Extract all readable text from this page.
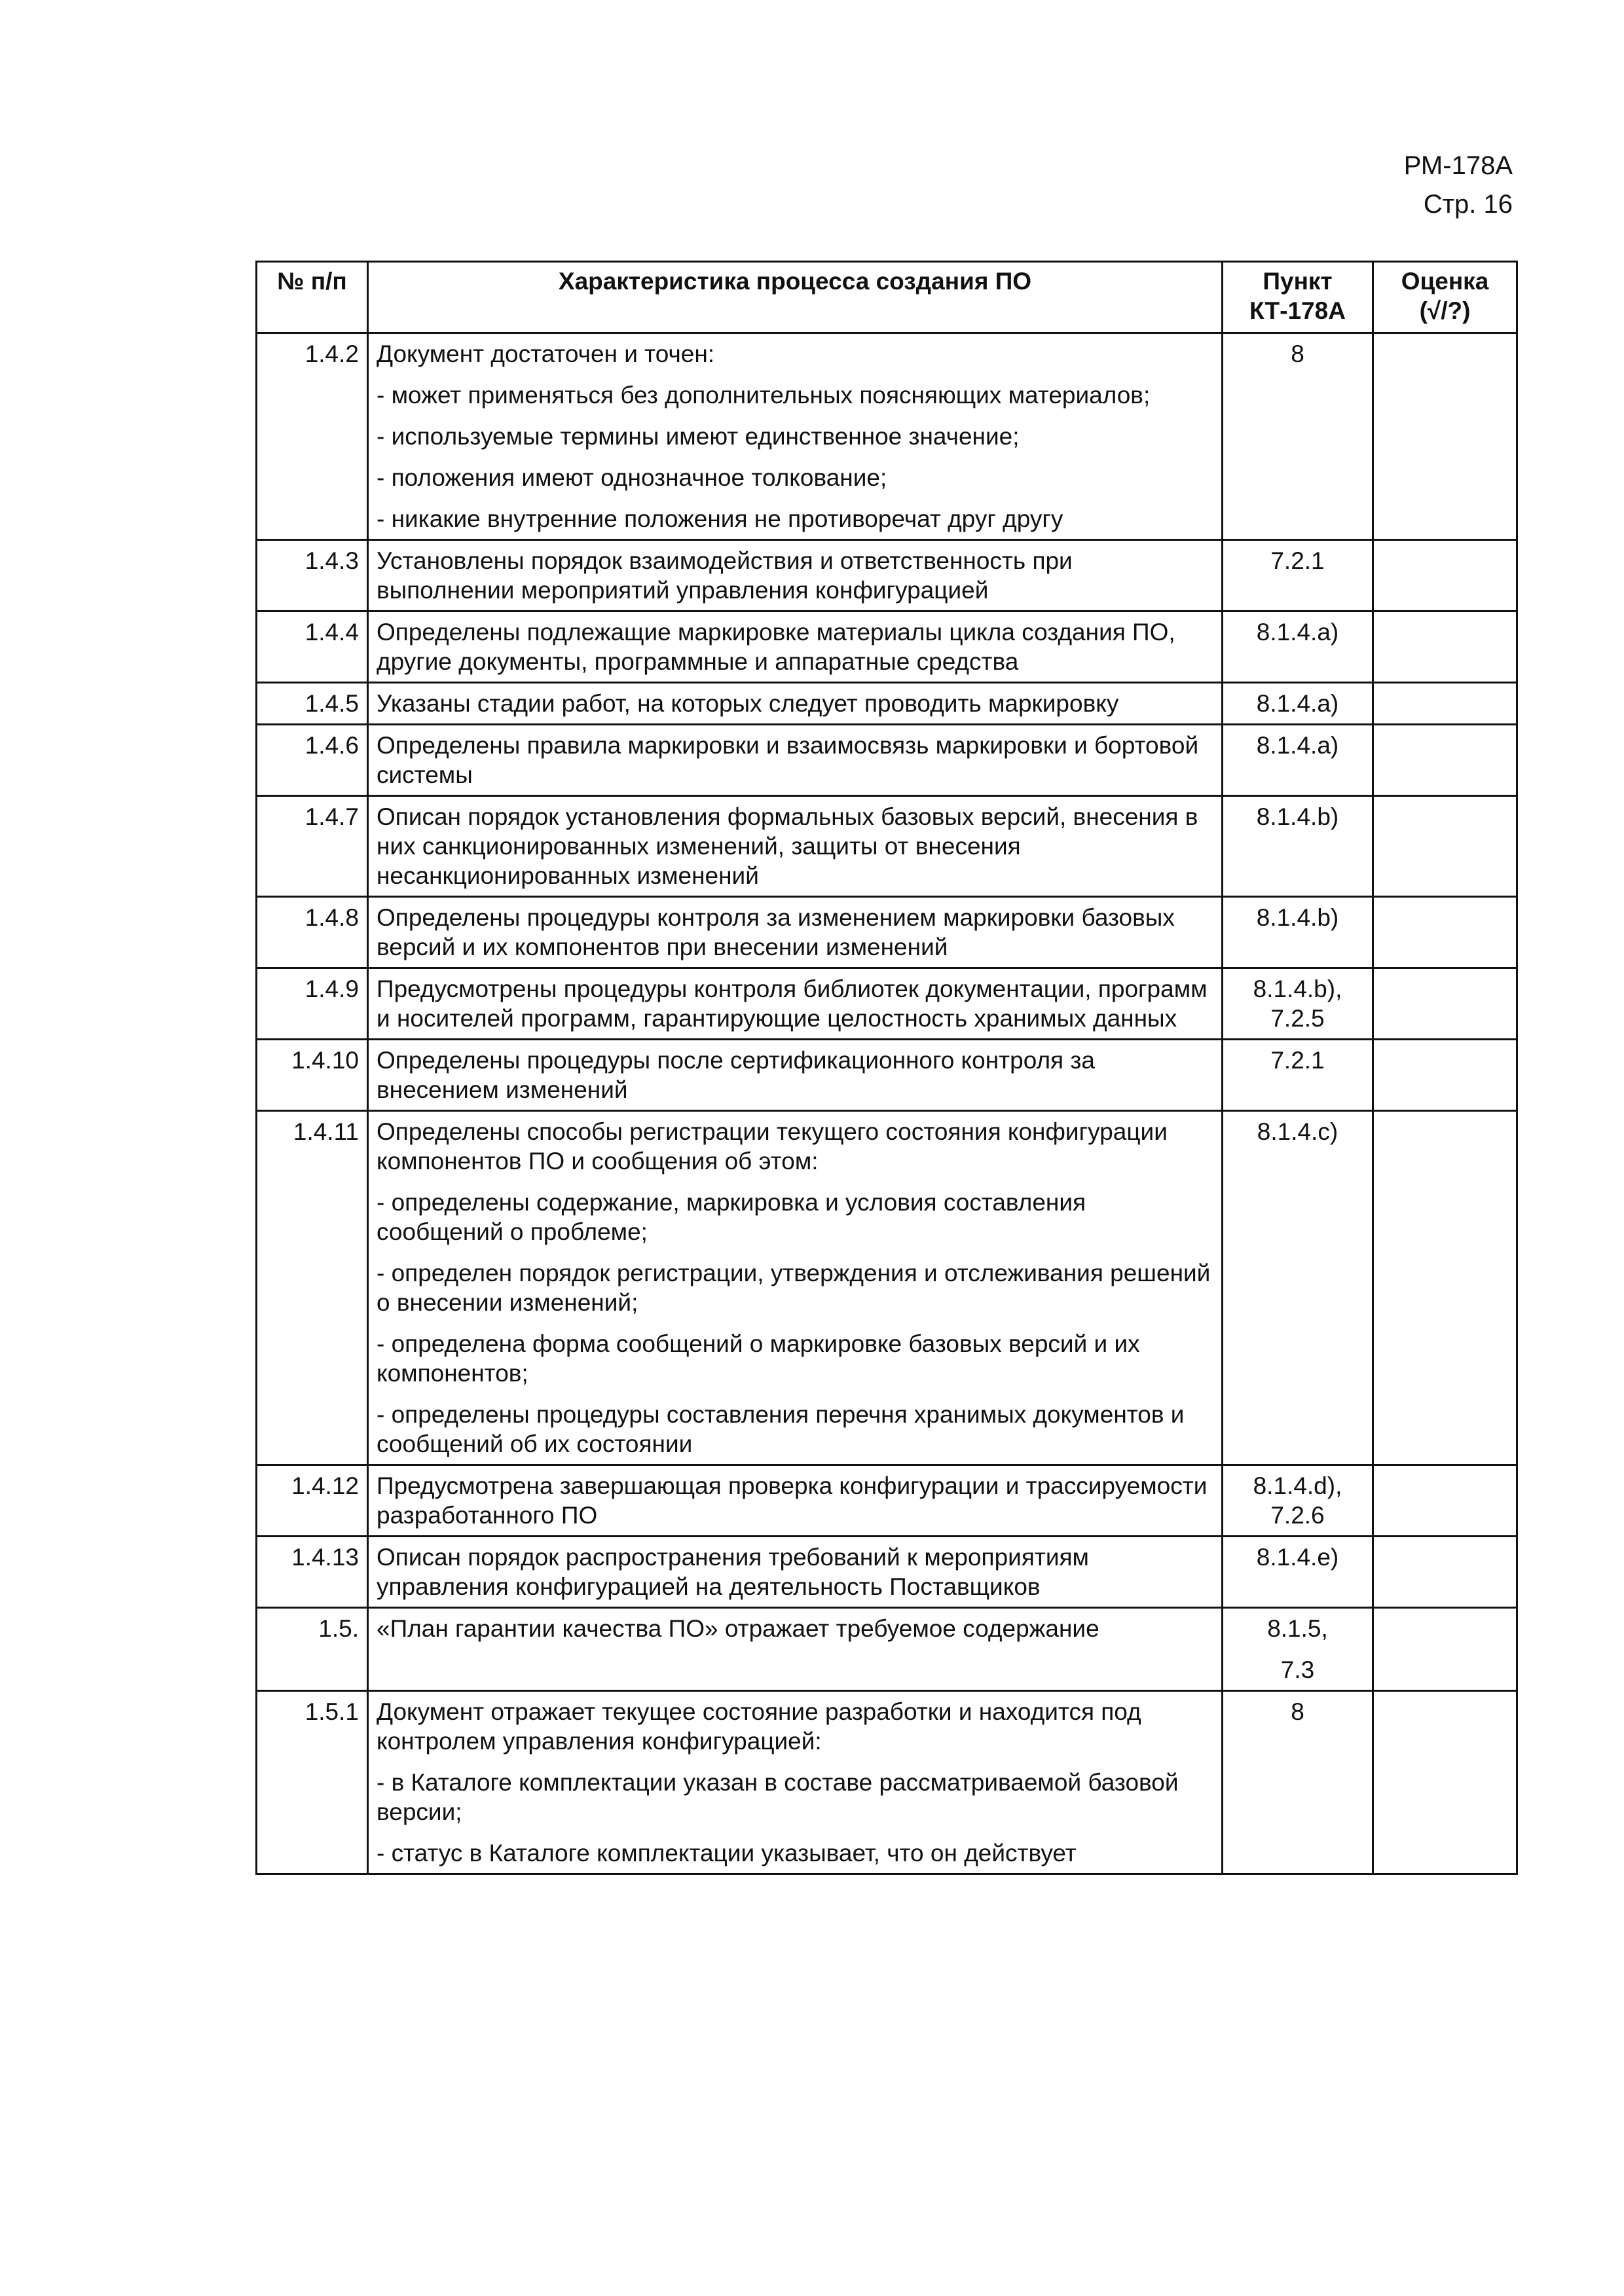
РМ-178А
Стр. 16
№ п/п	Характеристика процесса создания ПО	Пункт КТ-178А	Оценка (√/?)
1.4.2	Документ достаточен и точен:
- может применяться без дополнительных поясняющих материалов;
- используемые термины имеют единственное значение;
- положения имеют однозначное толкование;
- никакие внутренние положения не противоречат друг другу	8	

1.4.3	Установлены порядок взаимодействия и ответственность при выполнении мероприятий управления конфигурацией	7.2.1	

1.4.4	Определены подлежащие маркировке материалы цикла создания ПО, другие документы, программные и аппаратные средства	8.1.4.a)	

1.4.5	Указаны стадии работ, на которых следует проводить маркировку	8.1.4.a)	

1.4.6	Определены правила маркировки и взаимосвязь маркировки и бортовой системы	8.1.4.a)	

1.4.7	Описан порядок установления формальных базовых версий, внесения в них санкционированных изменений, защиты от внесения несанкционированных изменений	8.1.4.b)	

1.4.8	Определены процедуры контроля за изменением маркировки базовых версий и их компонентов при внесении изменений	8.1.4.b)	

1.4.9	Предусмотрены процедуры контроля библиотек документации, программ и носителей программ, гарантирующие целостность хранимых данных	8.1.4.b),
7.2.5	

1.4.10	Определены процедуры после сертификационного контроля за внесением изменений	7.2.1	

1.4.11	Определены способы регистрации текущего состояния конфигурации компонентов ПО и сообщения об этом:
- определены содержание, маркировка и условия составления сообщений о проблеме;
- определен порядок регистрации, утверждения и отслеживания решений о внесении изменений;
- определена форма сообщений о маркировке базовых версий и их компонентов;
- определены процедуры составления перечня хранимых документов и сообщений об их состоянии	8.1.4.c)	

1.4.12	Предусмотрена завершающая проверка конфигурации и трассируемости разработанного ПО	8.1.4.d),
7.2.6	

1.4.13	Описан порядок распространения требований к мероприятиям управления конфигурацией на деятельность Поставщиков	8.1.4.e)	

1.5.	«План гарантии качества ПО» отражает требуемое содержание	8.1.5,
7.3	

1.5.1	Документ отражает текущее состояние разработки и находится под контролем управления конфигурацией:
- в Каталоге комплектации указан в составе рассматриваемой базовой версии;
- статус в Каталоге комплектации указывает, что он действует	8	
